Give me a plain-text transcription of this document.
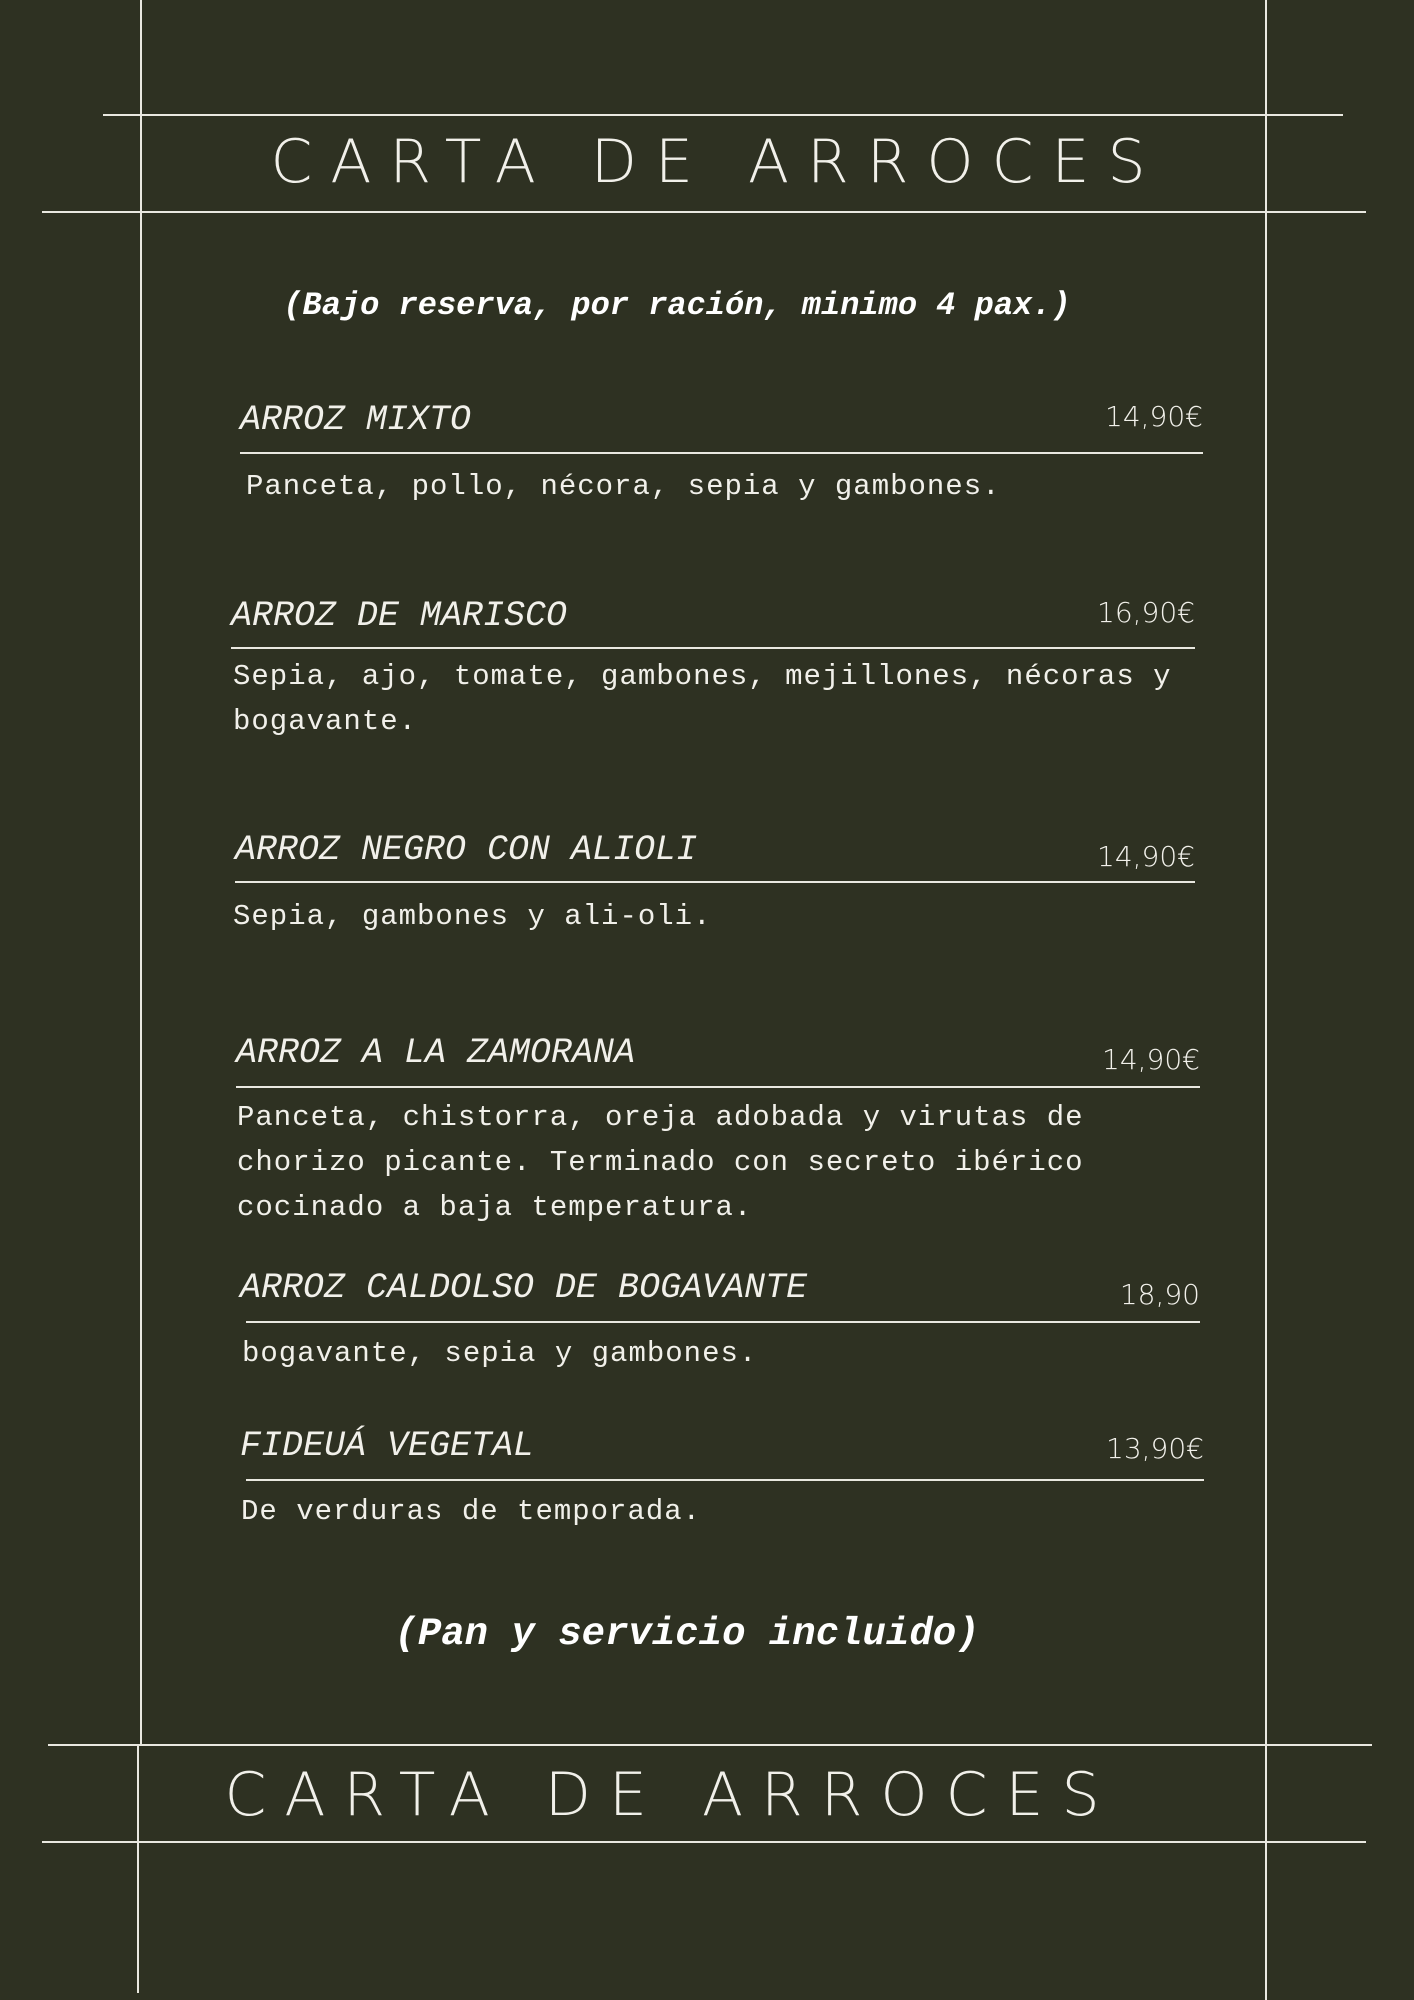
CARTA DE ARROCES
(Bajo reserva, por ración, minimo 4 pax.)
ARROZ MIXTO	14,90€
Panceta, pollo, nécora, sepia y gambones.
ARROZ DE MARISCO	16,90€
Sepia, ajo, tomate, gambones, mejillones, nécoras y bogavante.
ARROZ NEGRO CON ALIOLI	14,90€
Sepia, gambones y ali-oli.
ARROZ A LA ZAMORANA	14,90€
Panceta, chistorra, oreja adobada y virutas de chorizo picante. Terminado con secreto ibérico cocinado a baja temperatura.
ARROZ CALDOLSO DE BOGAVANTE	18,90
bogavante, sepia y gambones.
FIDEUÁ VEGETAL	13,90€
De verduras de temporada.
(Pan y servicio incluido)
CARTA DE ARROCES
